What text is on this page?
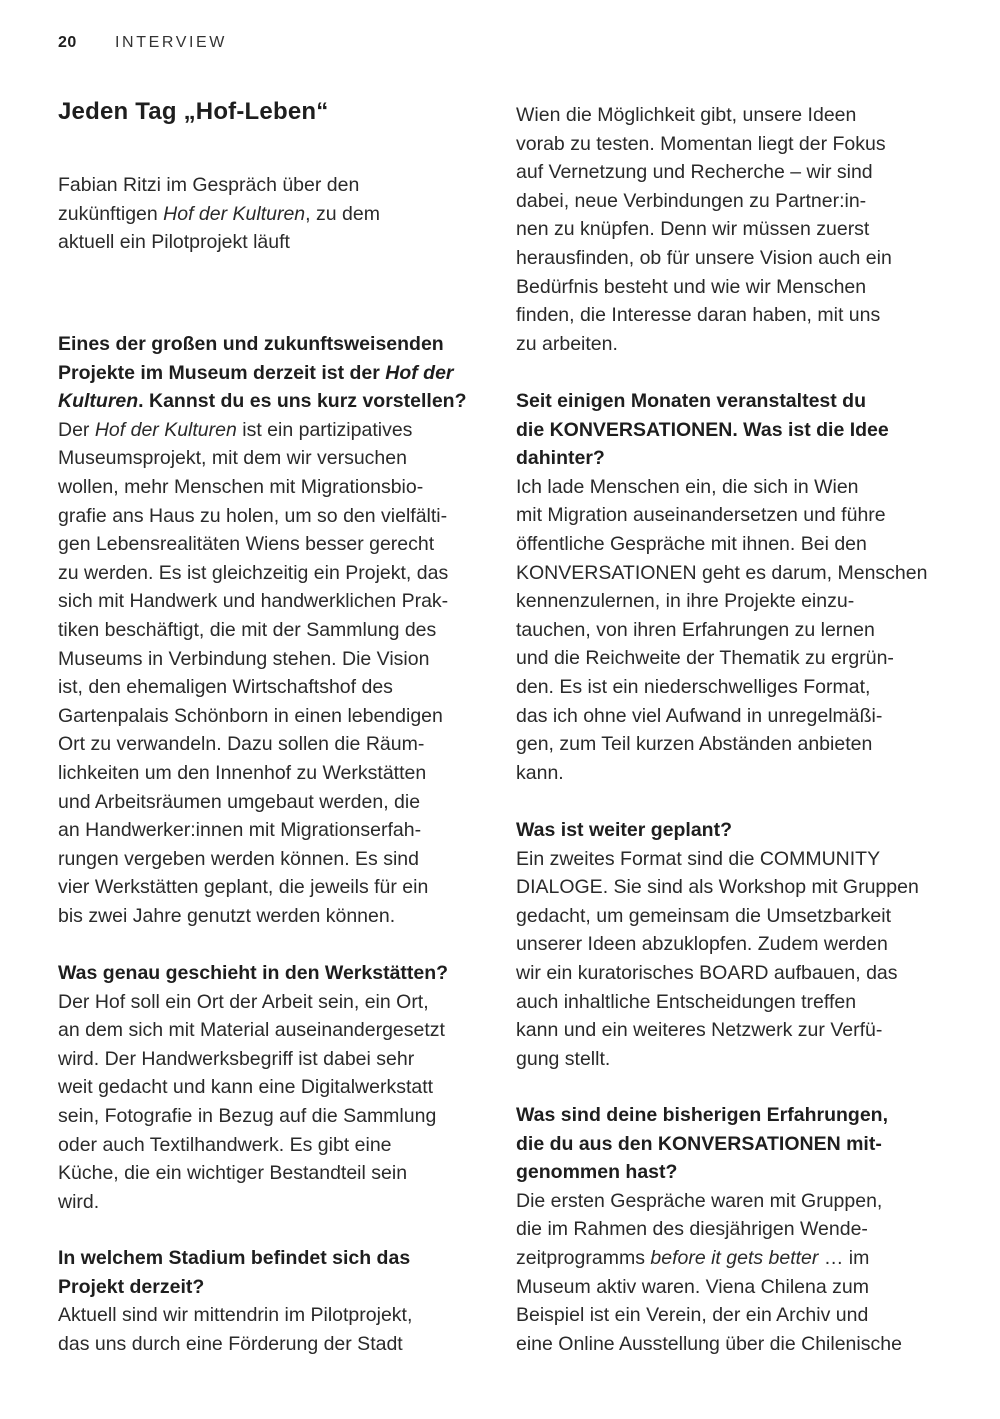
20 INTERVIEW
Jeden Tag „Hof-Leben“
Fabian Ritzi im Gespräch über den
zukünftigen Hof der Kulturen, zu dem
aktuell ein Pilotprojekt läuft
Eines der großen und zukunftsweisenden
Projekte im Museum derzeit ist der Hof der
Kulturen. Kannst du es uns kurz vorstellen?
Der Hof der Kulturen ist ein partizipatives
Museumsprojekt, mit dem wir versuchen
wollen, mehr Menschen mit Migrationsbio-
grafie ans Haus zu holen, um so den vielfälti-
gen Lebensrealitäten Wiens besser gerecht
zu werden. Es ist gleichzeitig ein Projekt, das
sich mit Handwerk und handwerklichen Prak-
tiken beschäftigt, die mit der Sammlung des
Museums in Verbindung stehen. Die Vision
ist, den ehemaligen Wirtschaftshof des
Gartenpalais Schönborn in einen lebendigen
Ort zu verwandeln. Dazu sollen die Räum-
lichkeiten um den Innenhof zu Werkstätten
und Arbeitsräumen umgebaut werden, die
an Handwerker:innen mit Migrationserfah-
rungen vergeben werden können. Es sind
vier Werkstätten geplant, die jeweils für ein
bis zwei Jahre genutzt werden können.
Was genau geschieht in den Werkstätten?
Der Hof soll ein Ort der Arbeit sein, ein Ort,
an dem sich mit Material auseinandergesetzt
wird. Der Handwerksbegriff ist dabei sehr
weit gedacht und kann eine Digitalwerkstatt
sein, Fotografie in Bezug auf die Sammlung
oder auch Textilhandwerk. Es gibt eine
Küche, die ein wichtiger Bestandteil sein
wird.
In welchem Stadium befindet sich das
Projekt derzeit?
Aktuell sind wir mittendrin im Pilotprojekt,
das uns durch eine Förderung der Stadt
Wien die Möglichkeit gibt, unsere Ideen
vorab zu testen. Momentan liegt der Fokus
auf Vernetzung und Recherche – wir sind
dabei, neue Verbindungen zu Partner:in-
nen zu knüpfen. Denn wir müssen zuerst
herausfinden, ob für unsere Vision auch ein
Bedürfnis besteht und wie wir Menschen
finden, die Interesse daran haben, mit uns
zu arbeiten.
Seit einigen Monaten veranstaltest du
die KONVERSATIONEN. Was ist die Idee
dahinter?
Ich lade Menschen ein, die sich in Wien
mit Migration auseinandersetzen und führe
öffentliche Gespräche mit ihnen. Bei den
KONVERSATIONEN geht es darum, Menschen
kennenzulernen, in ihre Projekte einzu-
tauchen, von ihren Erfahrungen zu lernen
und die Reichweite der Thematik zu ergrün-
den. Es ist ein niederschwelliges Format,
das ich ohne viel Aufwand in unregelmäßi-
gen, zum Teil kurzen Abständen anbieten
kann.
Was ist weiter geplant?
Ein zweites Format sind die COMMUNITY
DIALOGE. Sie sind als Workshop mit Gruppen
gedacht, um gemeinsam die Umsetzbarkeit
unserer Ideen abzuklopfen. Zudem werden
wir ein kuratorisches BOARD aufbauen, das
auch inhaltliche Entscheidungen treffen
kann und ein weiteres Netzwerk zur Verfü-
gung stellt.
Was sind deine bisherigen Erfahrungen,
die du aus den KONVERSATIONEN mit-
genommen hast?
Die ersten Gespräche waren mit Gruppen,
die im Rahmen des diesjährigen Wende-
zeitprogramms before it gets better … im
Museum aktiv waren. Viena Chilena zum
Beispiel ist ein Verein, der ein Archiv und
eine Online Ausstellung über die Chilenische
